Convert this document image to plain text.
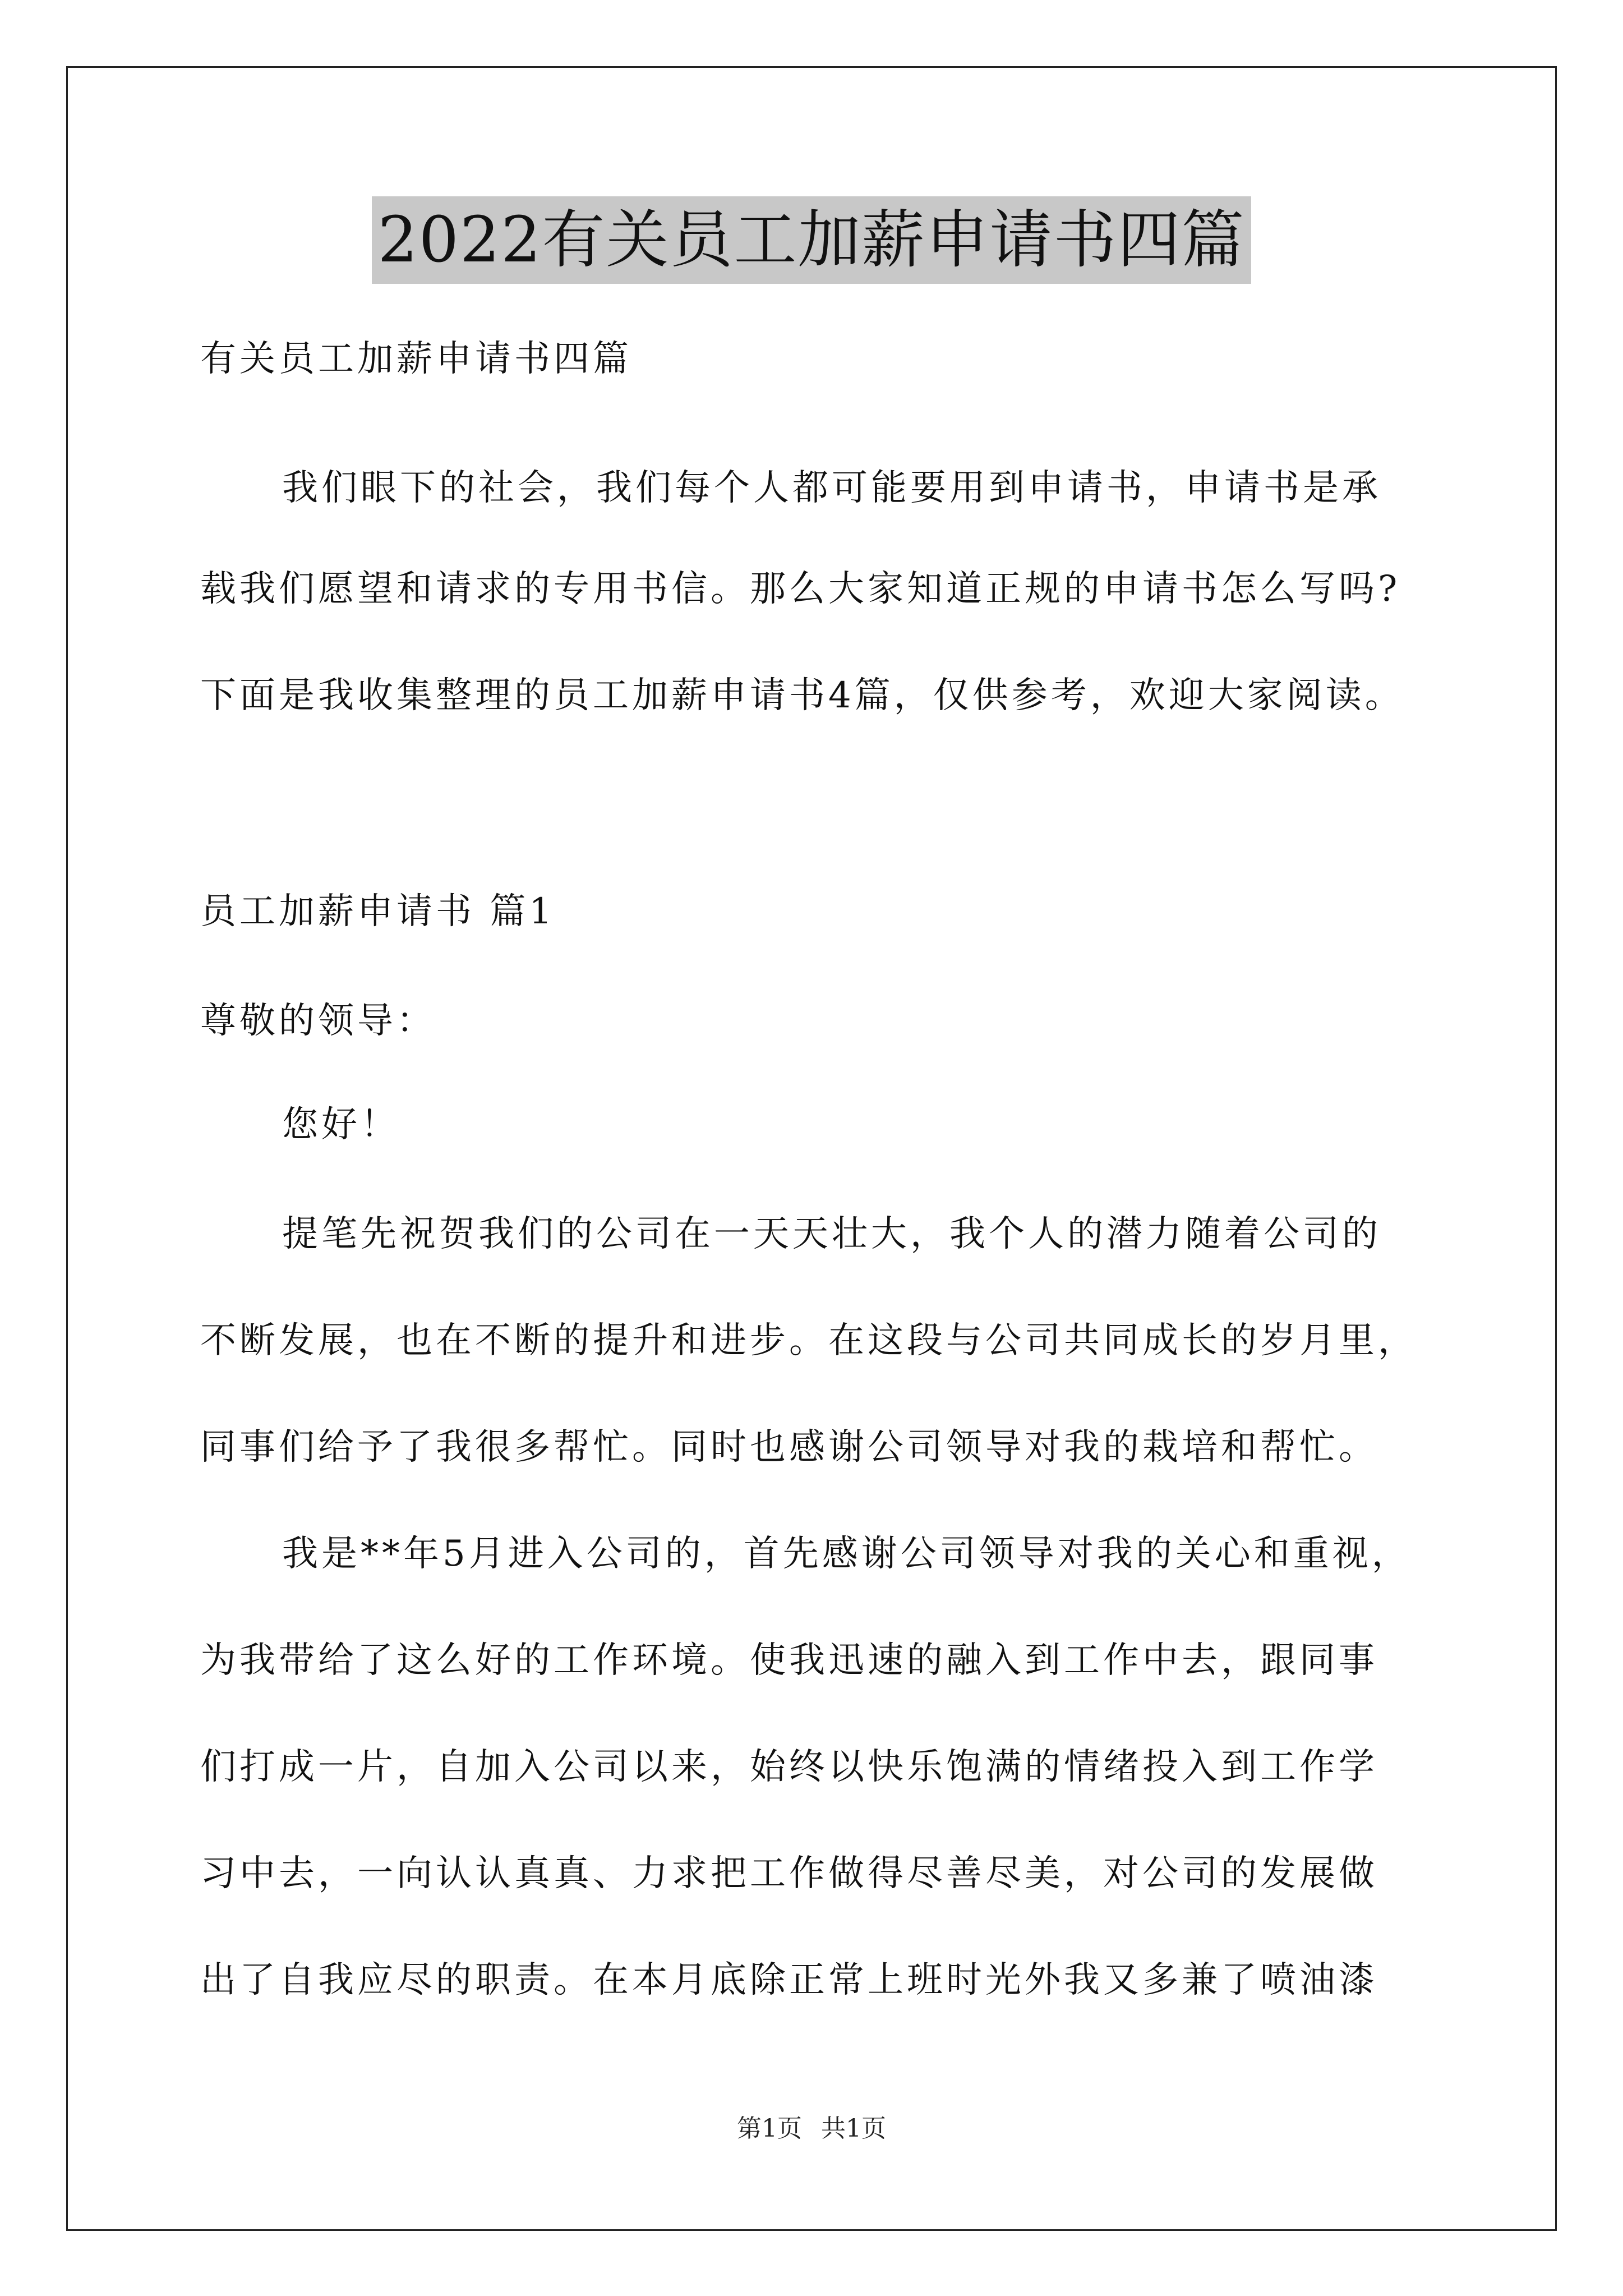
2022有关员工加薪申请书四篇

有关员工加薪申请书四篇

我们眼下的社会，我们每个人都可能要用到申请书，申请书是承

载我们愿望和请求的专用书信。那么大家知道正规的申请书怎么写吗?

下面是我收集整理的员工加薪申请书4篇，仅供参考，欢迎大家阅读。

员工加薪申请书 篇1

尊敬的领导：

您好！

提笔先祝贺我们的公司在一天天壮大，我个人的潜力随着公司的

不断发展，也在不断的提升和进步。在这段与公司共同成长的岁月里，

同事们给予了我很多帮忙。同时也感谢公司领导对我的栽培和帮忙。

我是**年5月进入公司的，首先感谢公司领导对我的关心和重视，

为我带给了这么好的工作环境。使我迅速的融入到工作中去，跟同事

们打成一片，自加入公司以来，始终以快乐饱满的情绪投入到工作学

习中去，一向认认真真、力求把工作做得尽善尽美，对公司的发展做

出了自我应尽的职责。在本月底除正常上班时光外我又多兼了喷油漆

第1页 共1页
